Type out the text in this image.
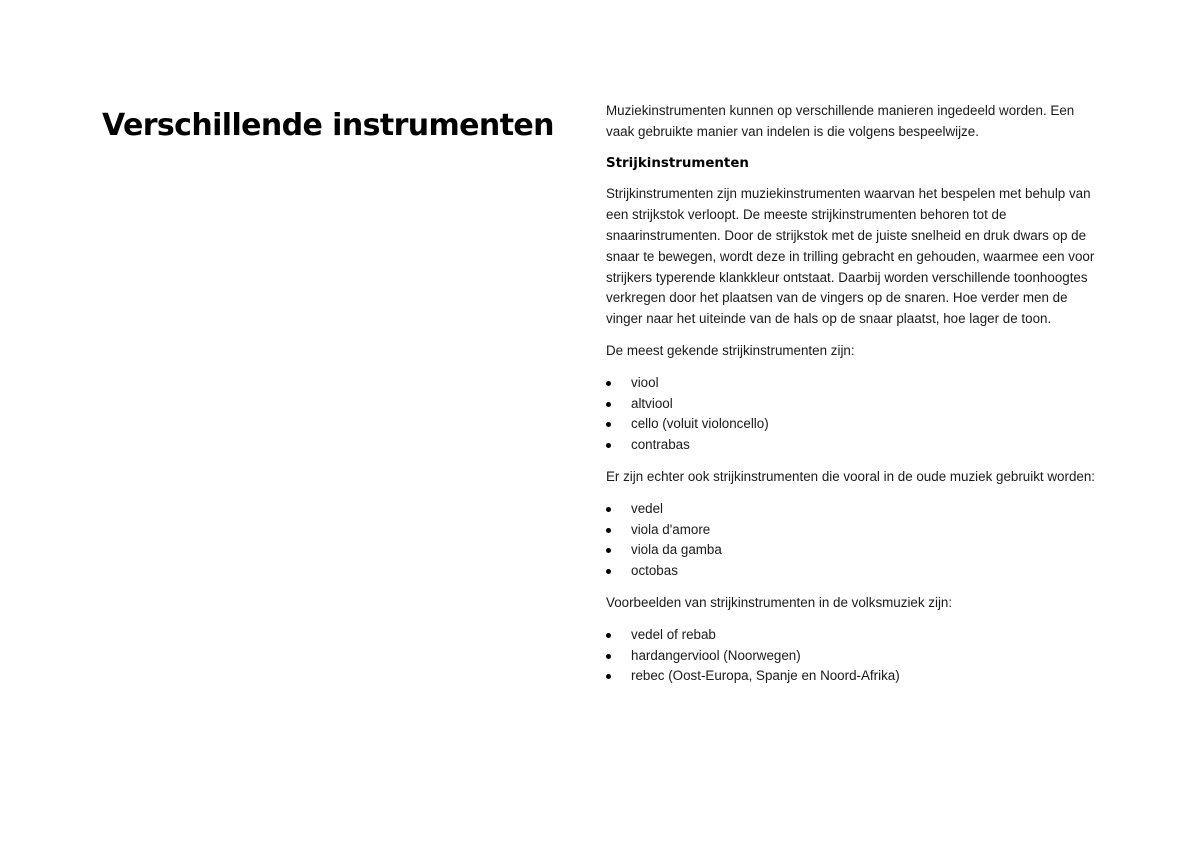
Verschillende instrumenten	Muziekinstrumenten kunnen op verschillende manieren ingedeeld worden. Een vaak gebruikte manier van indelen is die volgens bespeelwijze.

Strijkinstrumenten

Strijkinstrumenten zijn muziekinstrumenten waarvan het bespelen met behulp van een strijkstok verloopt. De meeste strijkinstrumenten behoren tot de snaarinstrumenten. Door de strijkstok met de juiste snelheid en druk dwars op de snaar te bewegen, wordt deze in trilling gebracht en gehouden, waarmee een voor strijkers typerende klankkleur ontstaat. Daarbij worden verschillende toonhoogtes verkregen door het plaatsen van de vingers op de snaren. Hoe verder men de vinger naar het uiteinde van de hals op de snaar plaatst, hoe lager de toon.

De meest gekende strijkinstrumenten zijn:

viool
altviool
cello (voluit violoncello)
contrabas

Er zijn echter ook strijkinstrumenten die vooral in de oude muziek gebruikt worden:

vedel
viola d'amore
viola da gamba
octobas

Voorbeelden van strijkinstrumenten in de volksmuziek zijn:

vedel of rebab
hardangerviool (Noorwegen)
rebec (Oost-Europa, Spanje en Noord-Afrika)
